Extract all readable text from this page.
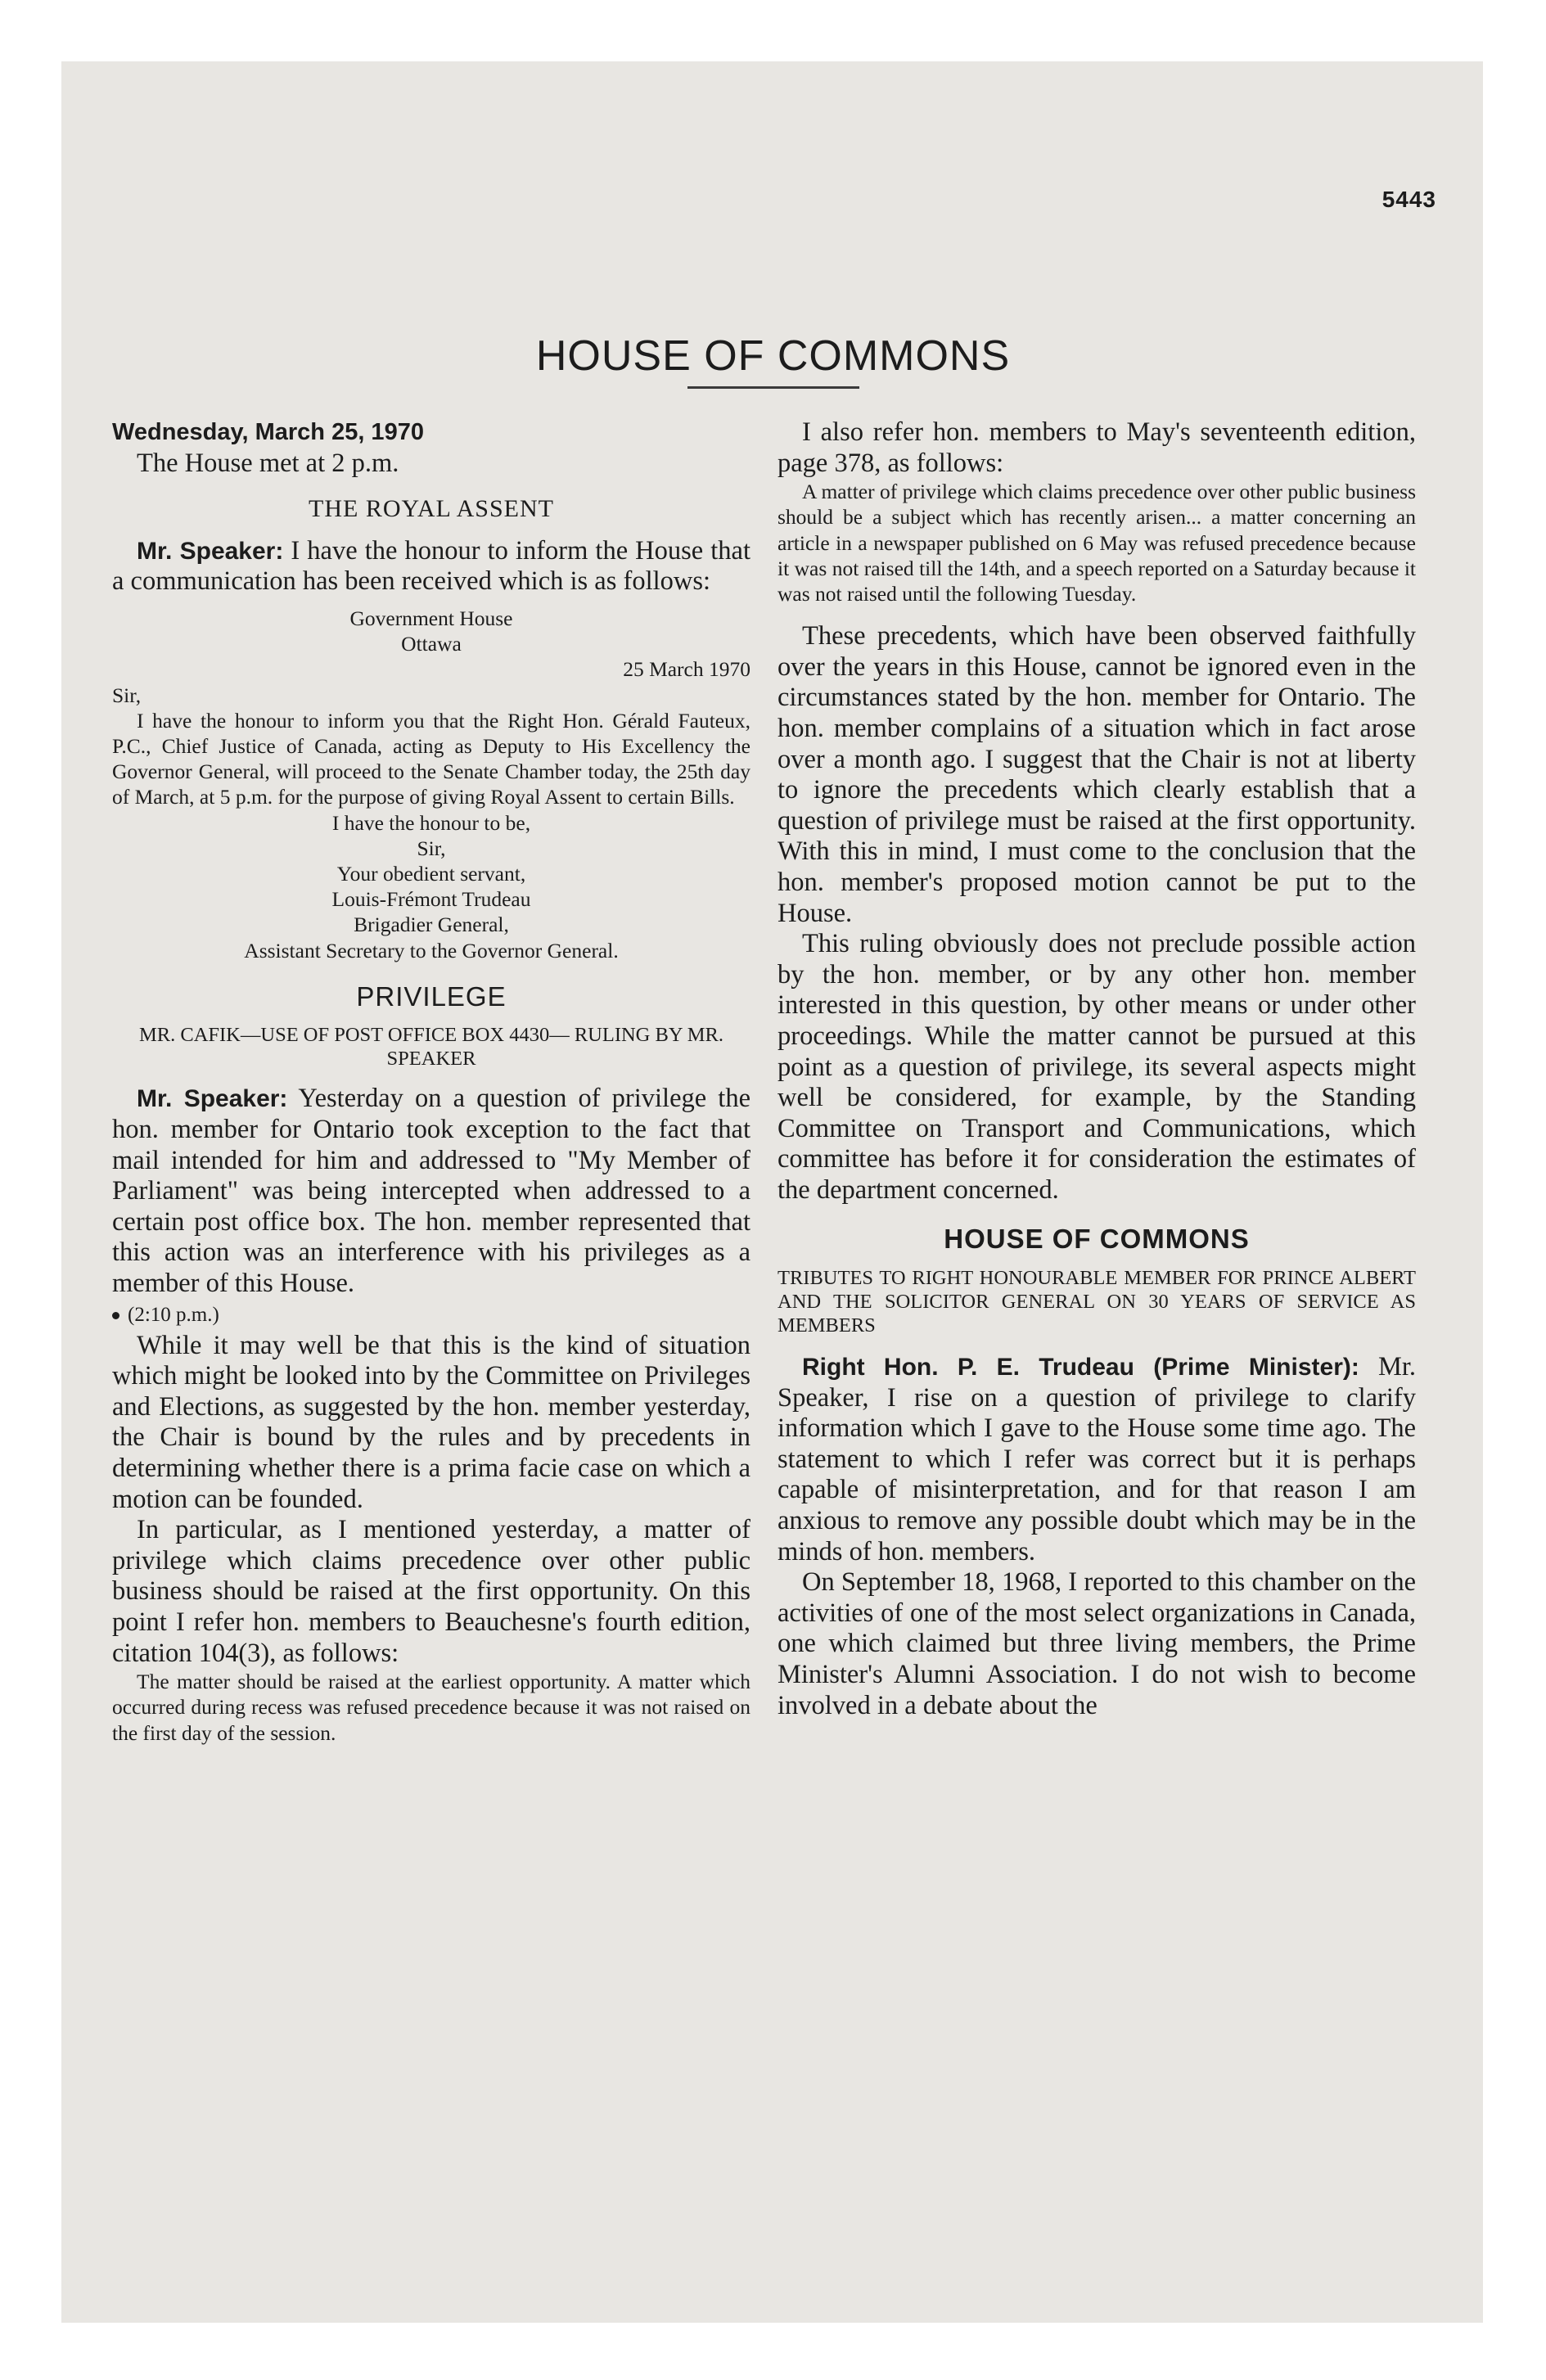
5443
HOUSE OF COMMONS

Wednesday, March 25, 1970

The House met at 2 p.m.

THE ROYAL ASSENT

Mr. Speaker: I have the honour to inform the House that a communication has been received which is as follows:

Government House
Ottawa
25 March 1970
Sir,

I have the honour to inform you that the Right Hon. Gérald Fauteux, P.C., Chief Justice of Canada, acting as Deputy to His Excellency the Governor General, will proceed to the Senate Chamber today, the 25th day of March, at 5 p.m. for the purpose of giving Royal Assent to certain Bills.

I have the honour to be,
Sir,
Your obedient servant,
Louis-Frémont Trudeau
Brigadier General,
Assistant Secretary to the Governor General.
PRIVILEGE
MR. CAFIK—USE OF POST OFFICE BOX 4430— RULING BY MR. SPEAKER

Mr. Speaker: Yesterday on a question of privilege the hon. member for Ontario took exception to the fact that mail intended for him and addressed to "My Member of Parliament" was being intercepted when addressed to a certain post office box. The hon. member represented that this action was an interference with his privileges as a member of this House.

(2:10 p.m.)

While it may well be that this is the kind of situation which might be looked into by the Committee on Privileges and Elections, as suggested by the hon. member yesterday, the Chair is bound by the rules and by precedents in determining whether there is a prima facie case on which a motion can be founded.

In particular, as I mentioned yesterday, a matter of privilege which claims precedence over other public business should be raised at the first opportunity. On this point I refer hon. members to Beauchesne's fourth edition, citation 104(3), as follows:

The matter should be raised at the earliest opportunity. A matter which occurred during recess was refused precedence because it was not raised on the first day of the session.

I also refer hon. members to May's seventeenth edition, page 378, as follows:

A matter of privilege which claims precedence over other public business should be a subject which has recently arisen... a matter concerning an article in a newspaper published on 6 May was refused precedence because it was not raised till the 14th, and a speech reported on a Saturday because it was not raised until the following Tuesday.

These precedents, which have been observed faithfully over the years in this House, cannot be ignored even in the circumstances stated by the hon. member for Ontario. The hon. member complains of a situation which in fact arose over a month ago. I suggest that the Chair is not at liberty to ignore the precedents which clearly establish that a question of privilege must be raised at the first opportunity. With this in mind, I must come to the conclusion that the hon. member's proposed motion cannot be put to the House.

This ruling obviously does not preclude possible action by the hon. member, or by any other hon. member interested in this question, by other means or under other proceedings. While the matter cannot be pursued at this point as a question of privilege, its several aspects might well be considered, for example, by the Standing Committee on Transport and Communications, which committee has before it for consideration the estimates of the department concerned.

HOUSE OF COMMONS
TRIBUTES TO RIGHT HONOURABLE MEMBER FOR PRINCE ALBERT AND THE SOLICITOR GENERAL ON 30 YEARS OF SERVICE AS MEMBERS

Right Hon. P. E. Trudeau (Prime Minister): Mr. Speaker, I rise on a question of privilege to clarify information which I gave to the House some time ago. The statement to which I refer was correct but it is perhaps capable of misinterpretation, and for that reason I am anxious to remove any possible doubt which may be in the minds of hon. members.

On September 18, 1968, I reported to this chamber on the activities of one of the most select organizations in Canada, one which claimed but three living members, the Prime Minister's Alumni Association. I do not wish to become involved in a debate about the
